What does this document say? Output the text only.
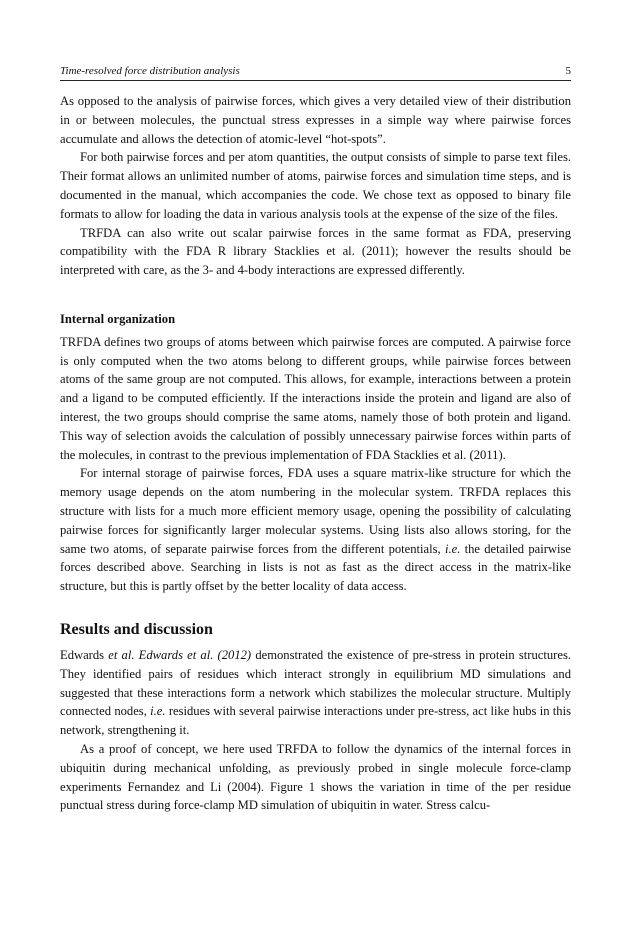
Time-resolved force distribution analysis	5

As opposed to the analysis of pairwise forces, which gives a very detailed view of their distribution in or between molecules, the punctual stress expresses in a simple way where pairwise forces accumulate and allows the detection of atomic-level “hot-spots”.

For both pairwise forces and per atom quantities, the output consists of simple to parse text files. Their format allows an unlimited number of atoms, pairwise forces and simulation time steps, and is documented in the manual, which accompanies the code. We chose text as opposed to binary file formats to allow for loading the data in various analysis tools at the expense of the size of the files.

TRFDA can also write out scalar pairwise forces in the same format as FDA, preserving compatibility with the FDA R library Stacklies et al. (2011); however the results should be interpreted with care, as the 3- and 4-body interactions are expressed differently.

Internal organization

TRFDA defines two groups of atoms between which pairwise forces are computed. A pairwise force is only computed when the two atoms belong to different groups, while pairwise forces between atoms of the same group are not computed. This allows, for example, interactions between a protein and a ligand to be computed efficiently. If the interactions inside the protein and ligand are also of interest, the two groups should comprise the same atoms, namely those of both protein and ligand. This way of selection avoids the calculation of possibly unnecessary pairwise forces within parts of the molecules, in contrast to the previous implementation of FDA Stacklies et al. (2011).

For internal storage of pairwise forces, FDA uses a square matrix-like structure for which the memory usage depends on the atom numbering in the molecular system. TRFDA replaces this structure with lists for a much more efficient memory usage, opening the possibility of calculating pairwise forces for significantly larger molecular systems. Using lists also allows storing, for the same two atoms, of separate pairwise forces from the different potentials, i.e. the detailed pairwise forces described above. Searching in lists is not as fast as the direct access in the matrix-like structure, but this is partly offset by the better locality of data access.

Results and discussion

Edwards et al. Edwards et al. (2012) demonstrated the existence of pre-stress in protein structures. They identified pairs of residues which interact strongly in equilibrium MD simulations and suggested that these interactions form a network which stabilizes the molecular structure. Multiply connected nodes, i.e. residues with several pairwise interactions under pre-stress, act like hubs in this network, strengthening it.

As a proof of concept, we here used TRFDA to follow the dynamics of the internal forces in ubiquitin during mechanical unfolding, as previously probed in single molecule force-clamp experiments Fernandez and Li (2004). Figure 1 shows the variation in time of the per residue punctual stress during force-clamp MD simulation of ubiquitin in water. Stress calcu-
